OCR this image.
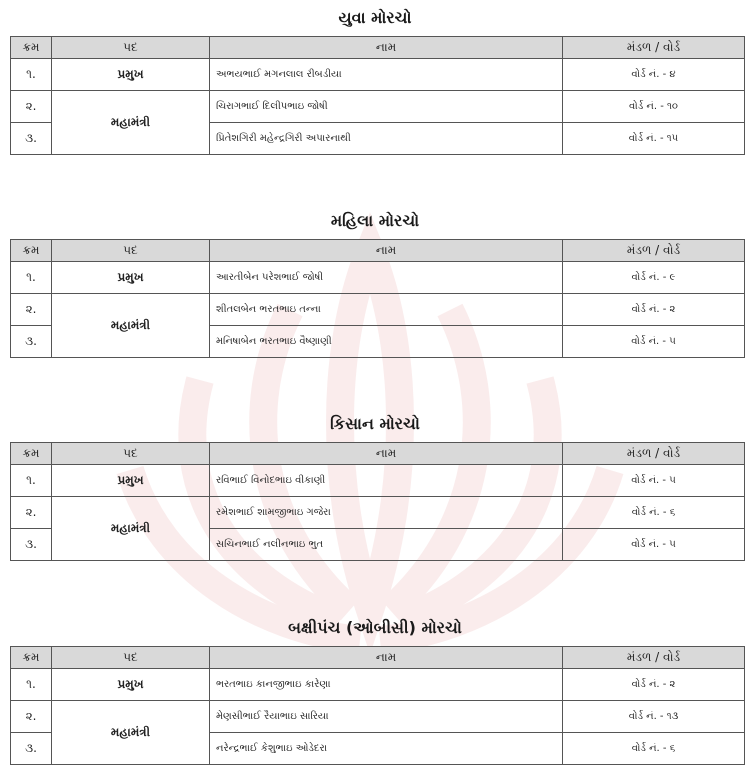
યુવા મોરચો
ક્રમ	પદ	નામ	મંડળ / વોર્ડ
૧.	પ્રમુખ	અભયભાઈ મગનલાલ રીબડીયા	વોર્ડ નં. - ૪
૨.	મહામંત્રી	ચિરાગભાઈ દિલીપભાઇ જોષી	વોર્ડ નં. - ૧૦
૩.		પ્રિતેશગિરી મહેન્દ્રગિરી અપારનાથી	વોર્ડ નં. - ૧૫
મહિલા મોરચો
ક્રમ	પદ	નામ	મંડળ / વોર્ડ
૧.	પ્રમુખ	આરતીબેન પરેશભાઈ જોષી	વોર્ડ નં. - ૯
૨.	મહામંત્રી	શીતલબેન ભરતભાઇ તન્ના	વોર્ડ નં. - ૨
૩.		મનિષાબેન ભરતભાઇ વૈષ્ણાણી	વોર્ડ નં. - ૫
કિસાન મોરચો
ક્રમ	પદ	નામ	મંડળ / વોર્ડ
૧.	પ્રમુખ	રવિભાઈ વિનોદભાઇ વીકાણી	વોર્ડ નં. - ૫
૨.	મહામંત્રી	રમેશભાઈ શામજીભાઇ ગજેરા	વોર્ડ નં. - ૬
૩.		સચિનભાઈ નલીનભાઇ ભુત	વોર્ડ નં. - ૫
બક્ષીપંચ (ઓબીસી) મોરચો
ક્રમ	પદ	નામ	મંડળ / વોર્ડ
૧.	પ્રમુખ	ભરતભાઇ કાનજીભાઇ કારેણા	વોર્ડ નં. - ૨
૨.	મહામંત્રી	મેણસીભાઈ રૈયાભાઇ સારિયા	વોર્ડ નં. - ૧૩
૩.		નરેન્દ્રભાઈ કેશુભાઇ ઓડેદરા	વોર્ડ નં. - ૬
